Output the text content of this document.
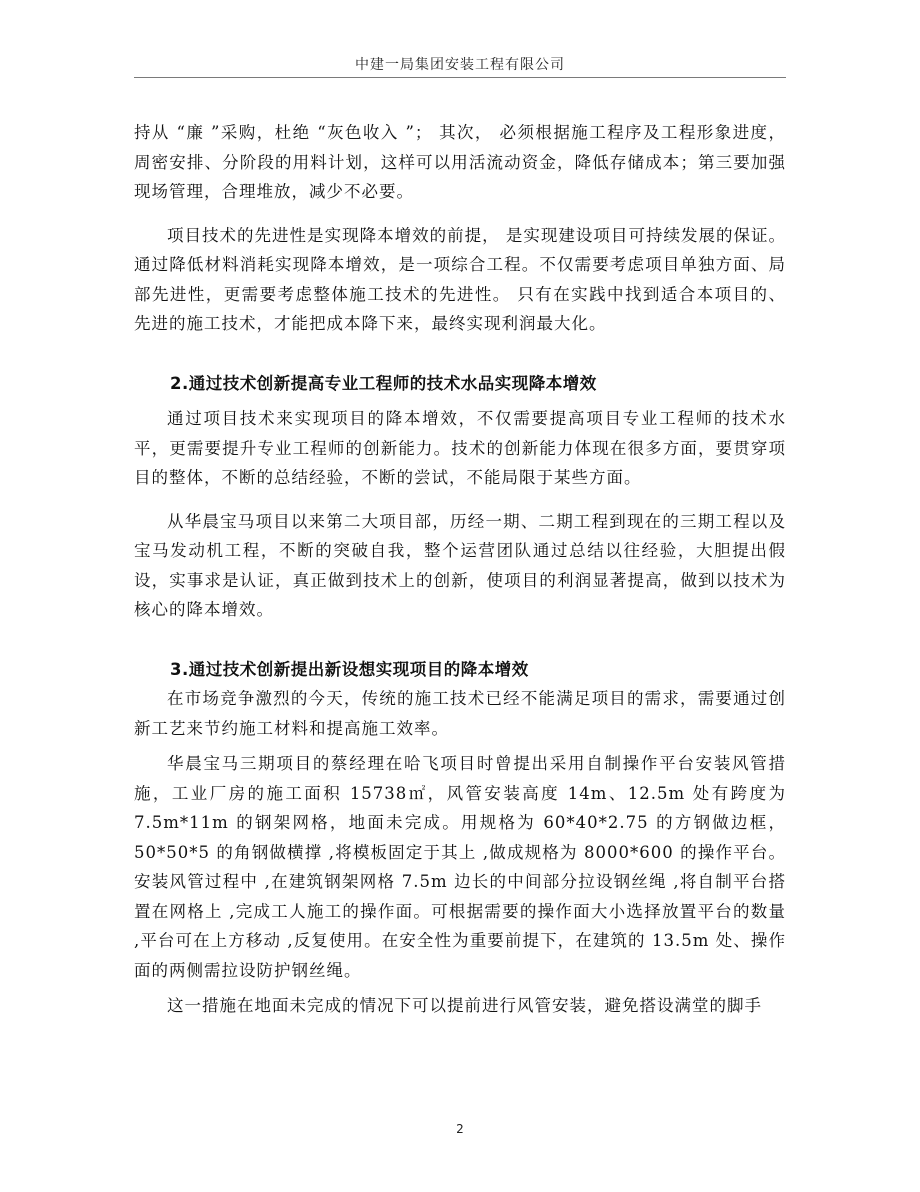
中建一局集团安装工程有限公司

持从 “廉 ”采购，杜绝 “灰色收入 ”； 其次， 必须根据施工程序及工程形象进度，周密安排、分阶段的用料计划，这样可以用活流动资金，降低存储成本；第三要加强现场管理，合理堆放，减少不必要。

项目技术的先进性是实现降本增效的前提， 是实现建设项目可持续发展的保证。通过降低材料消耗实现降本增效，是一项综合工程。不仅需要考虑项目单独方面、局部先进性，更需要考虑整体施工技术的先进性。 只有在实践中找到适合本项目的、先进的施工技术，才能把成本降下来，最终实现利润最大化。

2.通过技术创新提高专业工程师的技术水品实现降本增效

通过项目技术来实现项目的降本增效，不仅需要提高项目专业工程师的技术水平，更需要提升专业工程师的创新能力。技术的创新能力体现在很多方面，要贯穿项目的整体，不断的总结经验，不断的尝试，不能局限于某些方面。

从华晨宝马项目以来第二大项目部，历经一期、二期工程到现在的三期工程以及宝马发动机工程，不断的突破自我，整个运营团队通过总结以往经验，大胆提出假设，实事求是认证，真正做到技术上的创新，使项目的利润显著提高，做到以技术为核心的降本增效。

3.通过技术创新提出新设想实现项目的降本增效

在市场竞争激烈的今天，传统的施工技术已经不能满足项目的需求，需要通过创新工艺来节约施工材料和提高施工效率。

华晨宝马三期项目的蔡经理在哈飞项目时曾提出采用自制操作平台安装风管措施，工业厂房的施工面积 15738㎡，风管安装高度 14m、12.5m 处有跨度为 7.5m*11m 的钢架网格，地面未完成。用规格为 60*40*2.75 的方钢做边框， 50*50*5 的角钢做横撑 ,将模板固定于其上 ,做成规格为 8000*600 的操作平台。安装风管过程中 ,在建筑钢架网格 7.5m 边长的中间部分拉设钢丝绳 ,将自制平台搭置在网格上 ,完成工人施工的操作面。可根据需要的操作面大小选择放置平台的数量 ,平台可在上方移动 ,反复使用。在安全性为重要前提下，在建筑的 13.5m 处、操作面的两侧需拉设防护钢丝绳。

这一措施在地面未完成的情况下可以提前进行风管安装，避免搭设满堂的脚手

2
